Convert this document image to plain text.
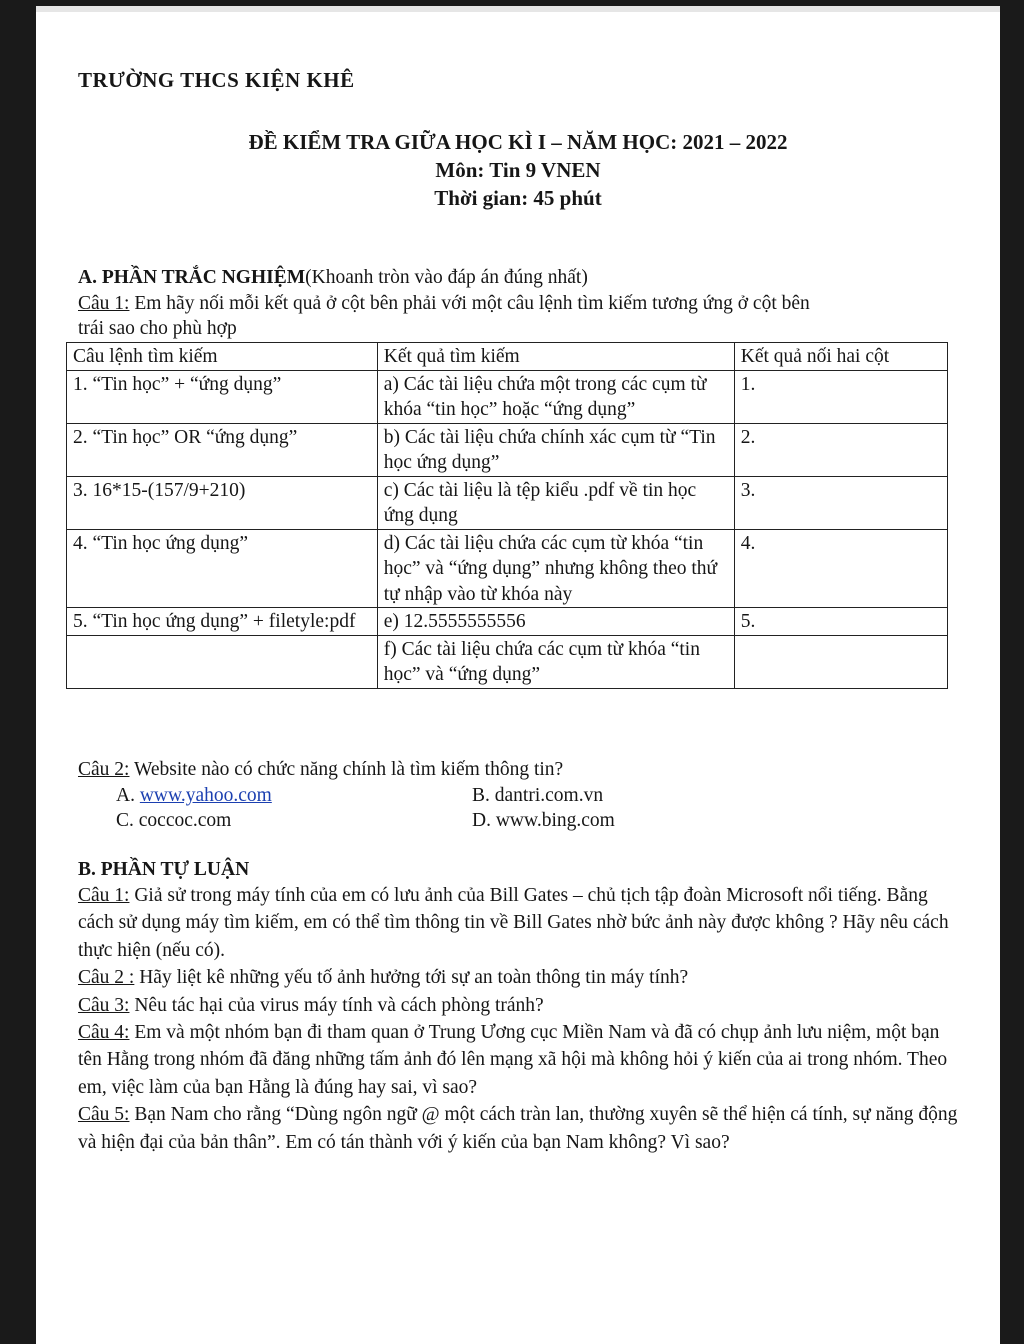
TRƯỜNG THCS KIỆN KHÊ
ĐỀ KIỂM TRA GIỮA HỌC KÌ I – NĂM HỌC: 2021 – 2022
Môn: Tin 9 VNEN
Thời gian: 45 phút
A. PHẦN TRẮC NGHIỆM(Khoanh tròn vào đáp án đúng nhất)
Câu 1: Em hãy nối mỗi kết quả ở cột bên phải với một câu lệnh tìm kiếm tương ứng ở cột bên
trái sao cho phù hợp
Câu lệnh tìm kiếm	Kết quả tìm kiếm	Kết quả nối hai cột
1. “Tin học” + “ứng dụng”	a) Các tài liệu chứa một trong các cụm từ khóa “tin học” hoặc “ứng dụng”	1.
2. “Tin học” OR “ứng dụng”	b) Các tài liệu chứa chính xác cụm từ “Tin học ứng dụng”	2.
3. 16*15-(157/9+210)	c) Các tài liệu là tệp kiểu .pdf về tin học ứng dụng	3.
4. “Tin học ứng dụng”	d) Các tài liệu chứa các cụm từ khóa “tin học” và “ứng dụng” nhưng không theo thứ tự nhập vào từ khóa này	4.
5. “Tin học ứng dụng” + filetyle:pdf	e) 12.5555555556	5.
	f) Các tài liệu chứa các cụm từ khóa “tin học” và “ứng dụng”	
Câu 2: Website nào có chức năng chính là tìm kiếm thông tin?
A. www.yahoo.com	B. dantri.com.vn
C. coccoc.com	D. www.bing.com
B. PHẦN TỰ LUẬN

Câu 1: Giả sử trong máy tính của em có lưu ảnh của Bill Gates – chủ tịch tập đoàn Microsoft nổi tiếng. Bằng cách sử dụng máy tìm kiếm, em có thể tìm thông tin về Bill Gates nhờ bức ảnh này được không ? Hãy nêu cách thực hiện (nếu có).

Câu 2 : Hãy liệt kê những yếu tố ảnh hưởng tới sự an toàn thông tin máy tính?

Câu 3: Nêu tác hại của virus máy tính và cách phòng tránh?

Câu 4: Em và một nhóm bạn đi tham quan ở Trung Ương cục Miền Nam và đã có chụp ảnh lưu niệm, một bạn tên Hằng trong nhóm đã đăng những tấm ảnh đó lên mạng xã hội mà không hỏi ý kiến của ai trong nhóm. Theo em, việc làm của bạn Hằng là đúng hay sai, vì sao?

Câu 5: Bạn Nam cho rằng “Dùng ngôn ngữ @ một cách tràn lan, thường xuyên sẽ thể hiện cá tính, sự năng động và hiện đại của bản thân”. Em có tán thành với ý kiến của bạn Nam không? Vì sao?
